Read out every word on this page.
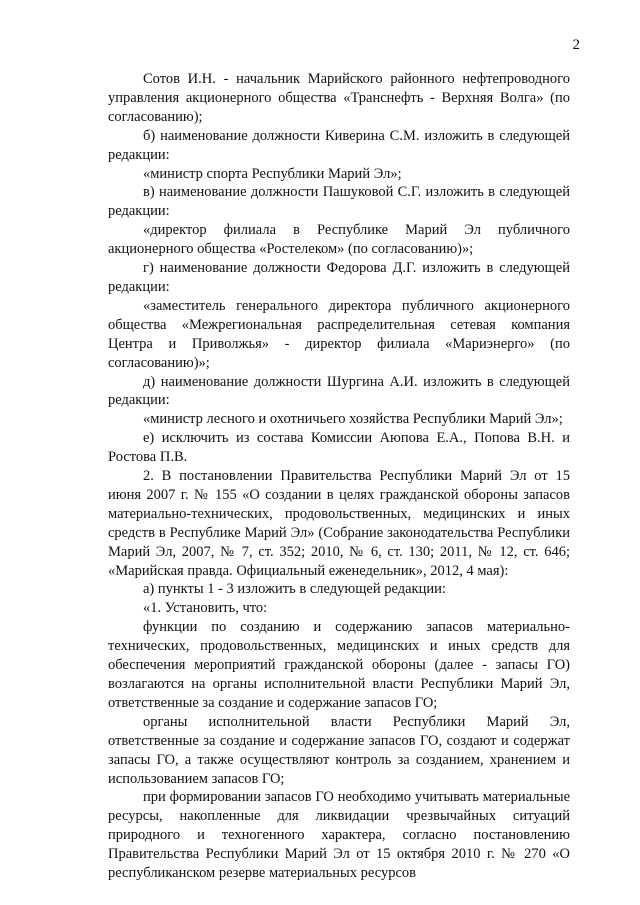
2

Сотов И.Н. - начальник Марийского районного нефтепроводного управления акционерного общества «Транснефть - Верхняя Волга» (по согласованию);

б) наименование должности Киверина С.М. изложить в следующей редакции:

«министр спорта Республики Марий Эл»;

в) наименование должности Пашуковой С.Г. изложить в следующей редакции:

«директор филиала в Республике Марий Эл публичного акционерного общества «Ростелеком» (по согласованию)»;

г) наименование должности Федорова Д.Г. изложить в следующей редакции:

«заместитель генерального директора публичного акционерного общества «Межрегиональная распределительная сетевая компания Центра и Приволжья» - директор филиала «Мариэнерго» (по согласованию)»;

д) наименование должности Шургина А.И. изложить в следующей редакции:

«министр лесного и охотничьего хозяйства Республики Марий Эл»;

е) исключить из состава Комиссии Аюпова Е.А., Попова В.Н. и Ростова П.В.

2. В постановлении Правительства Республики Марий Эл от 15 июня 2007 г. № 155 «О создании в целях гражданской обороны запасов материально-технических, продовольственных, медицинских и иных средств в Республике Марий Эл» (Собрание законодательства Республики Марий Эл, 2007, № 7, ст. 352; 2010, № 6, ст. 130; 2011, № 12, ст. 646; «Марийская правда. Официальный еженедельник», 2012, 4 мая):

а) пункты 1 - 3 изложить в следующей редакции:

«1. Установить, что:

функции по созданию и содержанию запасов материально-технических, продовольственных, медицинских и иных средств для обеспечения мероприятий гражданской обороны (далее - запасы ГО) возлагаются на органы исполнительной власти Республики Марий Эл, ответственные за создание и содержание запасов ГО;

органы исполнительной власти Республики Марий Эл, ответственные за создание и содержание запасов ГО, создают и содержат запасы ГО, а также осуществляют контроль за созданием, хранением и использованием запасов ГО;

при формировании запасов ГО необходимо учитывать материальные ресурсы, накопленные для ликвидации чрезвычайных ситуаций природного и техногенного характера, согласно постановлению Правительства Республики Марий Эл от 15 октября 2010 г. № 270 «О республиканском резерве материальных ресурсов
